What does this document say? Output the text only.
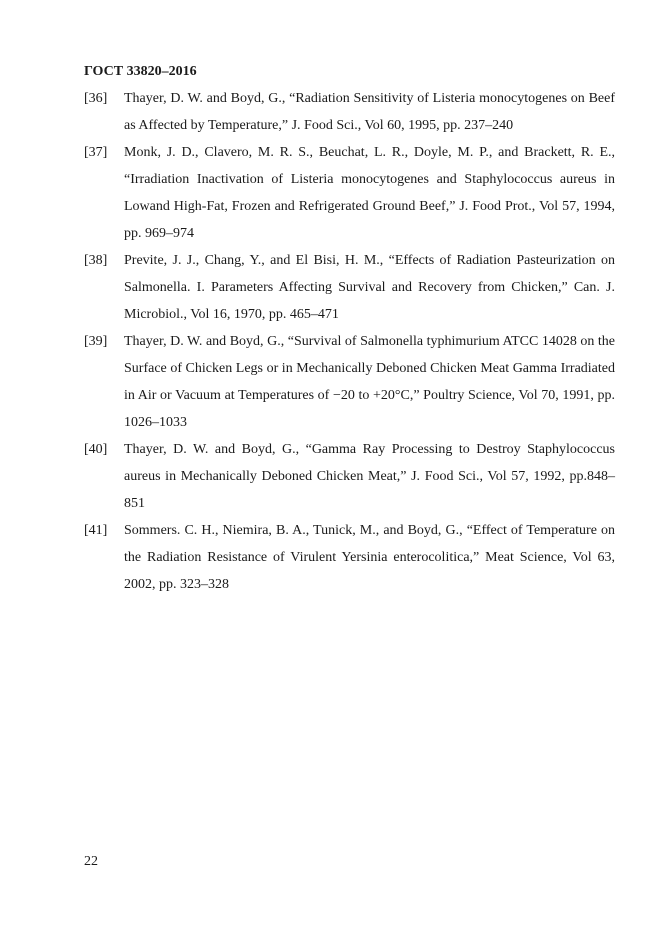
ГОСТ 33820–2016
[36]	Thayer, D. W. and Boyd, G., “Radiation Sensitivity of Listeria monocytogenes on Beef as Affected by Temperature,” J. Food Sci., Vol 60, 1995, pp. 237–240
[37]	Monk, J. D., Clavero, M. R. S., Beuchat, L. R., Doyle, M. P., and Brackett, R. E., “Irradiation Inactivation of Listeria monocytogenes and Staphylococcus aureus in Lowand High-Fat, Frozen and Refrigerated Ground Beef,” J. Food Prot., Vol 57, 1994, pp. 969–974
[38]	Previte, J. J., Chang, Y., and El Bisi, H. M., “Effects of Radiation Pasteurization on Salmonella. I. Parameters Affecting Survival and Recovery from Chicken,” Can. J. Microbiol., Vol 16, 1970, pp. 465–471
[39]	Thayer, D. W. and Boyd, G., “Survival of Salmonella typhimurium ATCC 14028 on the Surface of Chicken Legs or in Mechanically Deboned Chicken Meat Gamma Irradiated in Air or Vacuum at Temperatures of −20 to +20°C,” Poultry Science, Vol 70, 1991, pp. 1026–1033
[40]	Thayer, D. W. and Boyd, G., “Gamma Ray Processing to Destroy Staphylococcus aureus in Mechanically Deboned Chicken Meat,” J. Food Sci., Vol 57, 1992, pp.848–851
[41]	Sommers. C. H., Niemira, B. A., Tunick, M., and Boyd, G., “Effect of Temperature on the Radiation Resistance of Virulent Yersinia enterocolitica,” Meat Science, Vol 63, 2002, pp. 323–328
22
